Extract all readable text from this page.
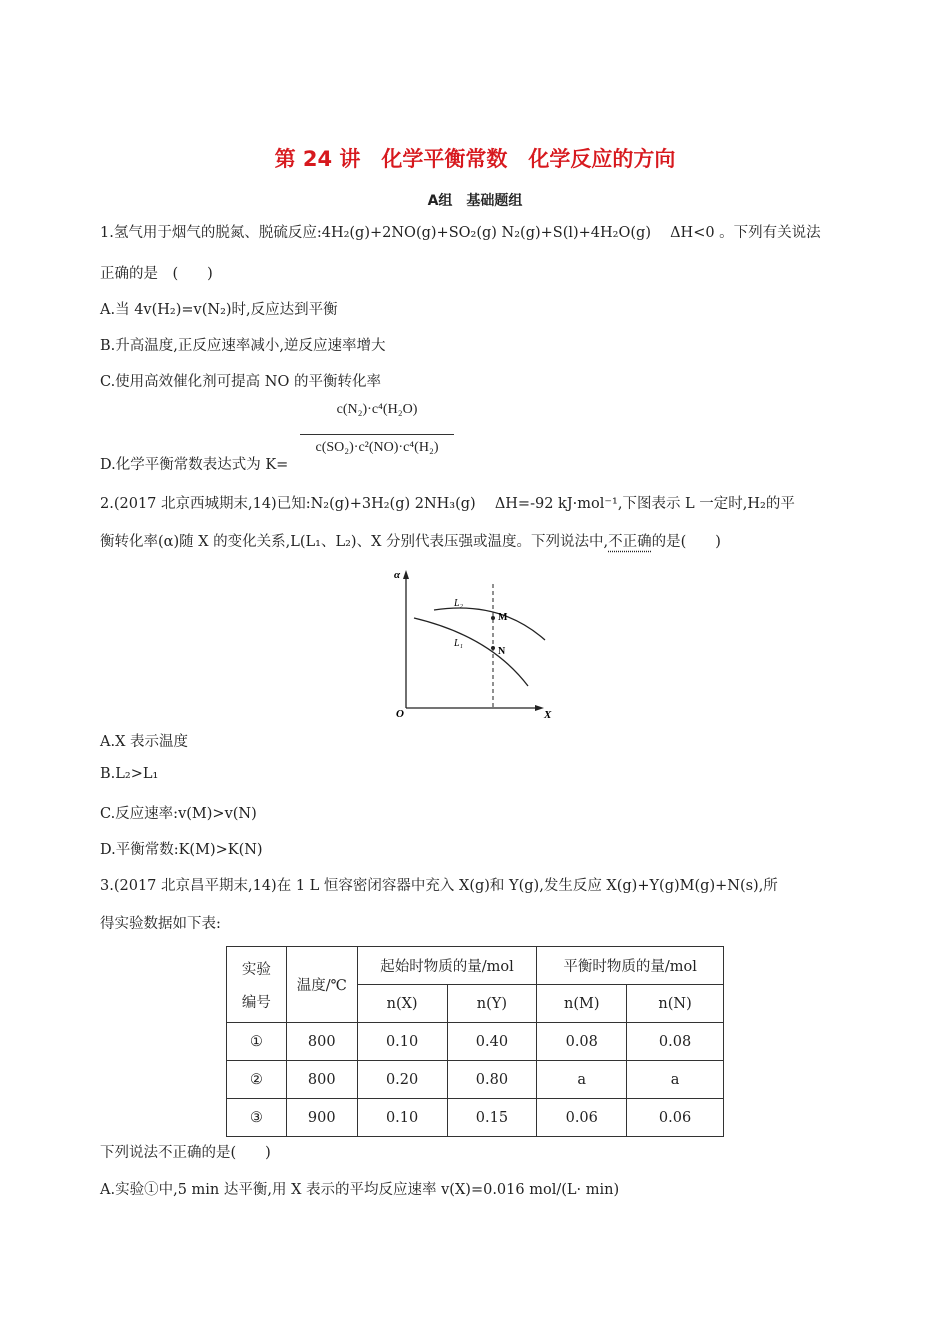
第 24 讲　化学平衡常数　化学反应的方向
A组　基础题组
1.氢气用于烟气的脱氮、脱硫反应:4H₂(g)+2NO(g)+SO₂(g) N₂(g)+S(l)+4H₂O(g)　 ΔH<0 。下列有关说法
正确的是　(　　)
A.当 4v(H₂)=v(N₂)时,反应达到平衡
B.升高温度,正反应速率减小,逆反应速率增大
C.使用高效催化剂可提高 NO 的平衡转化率
c(N₂)·c⁴(H₂O)
c(SO₂)·c²(NO)·c⁴(H₂)
D.化学平衡常数表达式为 K=
2.(2017 北京西城期末,14)已知:N₂(g)+3H₂(g) 2NH₃(g)　 ΔH=-92 kJ·mol⁻¹,下图表示 L 一定时,H₂的平
衡转化率(α)随 X 的变化关系,L(L₁、L₂)、X 分别代表压强或温度。下列说法中,不正确的是(　　)
α
X
O
L₂
L₁
M
N
A.X 表示温度
B.L₂>L₁
C.反应速率:v(M)>v(N)
D.平衡常数:K(M)>K(N)
3.(2017 北京昌平期末,14)在 1 L 恒容密闭容器中充入 X(g)和 Y(g),发生反应 X(g)+Y(g)M(g)+N(s),所
得实验数据如下表:
实验
编号	温度/℃	起始时物质的量/mol		平衡时物质的量/mol	
		n(X)	n(Y)	n(M)	n(N)
①	800	0.10	0.40	0.08	0.08
②	800	0.20	0.80	a	a
③	900	0.10	0.15	0.06	0.06
下列说法不正确的是(　　)
A.实验①中,5 min 达平衡,用 X 表示的平均反应速率 v(X)=0.016 mol/(L· min)
